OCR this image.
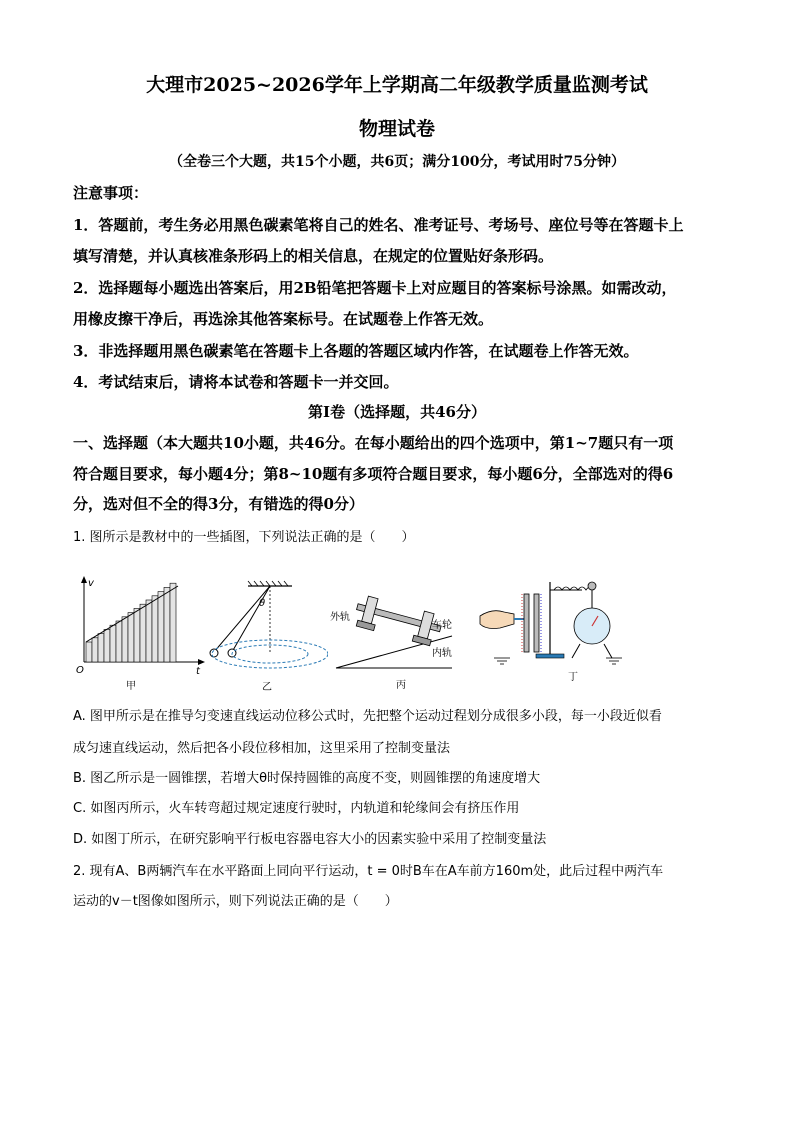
大理市2025~2026学年上学期高二年级教学质量监测考试
物理试卷
（全卷三个大题，共15个小题，共6页；满分100分，考试用时75分钟）
注意事项：
1．答题前，考生务必用黑色碳素笔将自己的姓名、准考证号、考场号、座位号等在答题卡上
填写清楚，并认真核准条形码上的相关信息，在规定的位置贴好条形码。
2．选择题每小题选出答案后，用2B铅笔把答题卡上对应题目的答案标号涂黑。如需改动，
用橡皮擦干净后，再选涂其他答案标号。在试题卷上作答无效。
3．非选择题用黑色碳素笔在答题卡上各题的答题区域内作答，在试题卷上作答无效。
4．考试结束后，请将本试卷和答题卡一并交回。
第Ⅰ卷（选择题，共46分）
一、选择题（本大题共10小题，共46分。在每小题给出的四个选项中，第1~7题只有一项
符合题目要求，每小题4分；第8~10题有多项符合题目要求，每小题6分，全部选对的得6
分，选对但不全的得3分，有错选的得0分）
1. 图所示是教材中的一些插图，下列说法正确的是（　　）
v
t
O
甲
θ
乙
外轨
车轮
内轨
丙
丁
A. 图甲所示是在推导匀变速直线运动位移公式时，先把整个运动过程划分成很多小段，每一小段近似看
成匀速直线运动，然后把各小段位移相加，这里采用了控制变量法
B. 图乙所示是一圆锥摆，若增大θ时保持圆锥的高度不变，则圆锥摆的角速度增大
C. 如图丙所示，火车转弯超过规定速度行驶时，内轨道和轮缘间会有挤压作用
D. 如图丁所示，在研究影响平行板电容器电容大小的因素实验中采用了控制变量法
2. 现有A、B两辆汽车在水平路面上同向平行运动，t = 0时B车在A车前方160m处，此后过程中两汽车
运动的v－t图像如图所示，则下列说法正确的是（　　）
